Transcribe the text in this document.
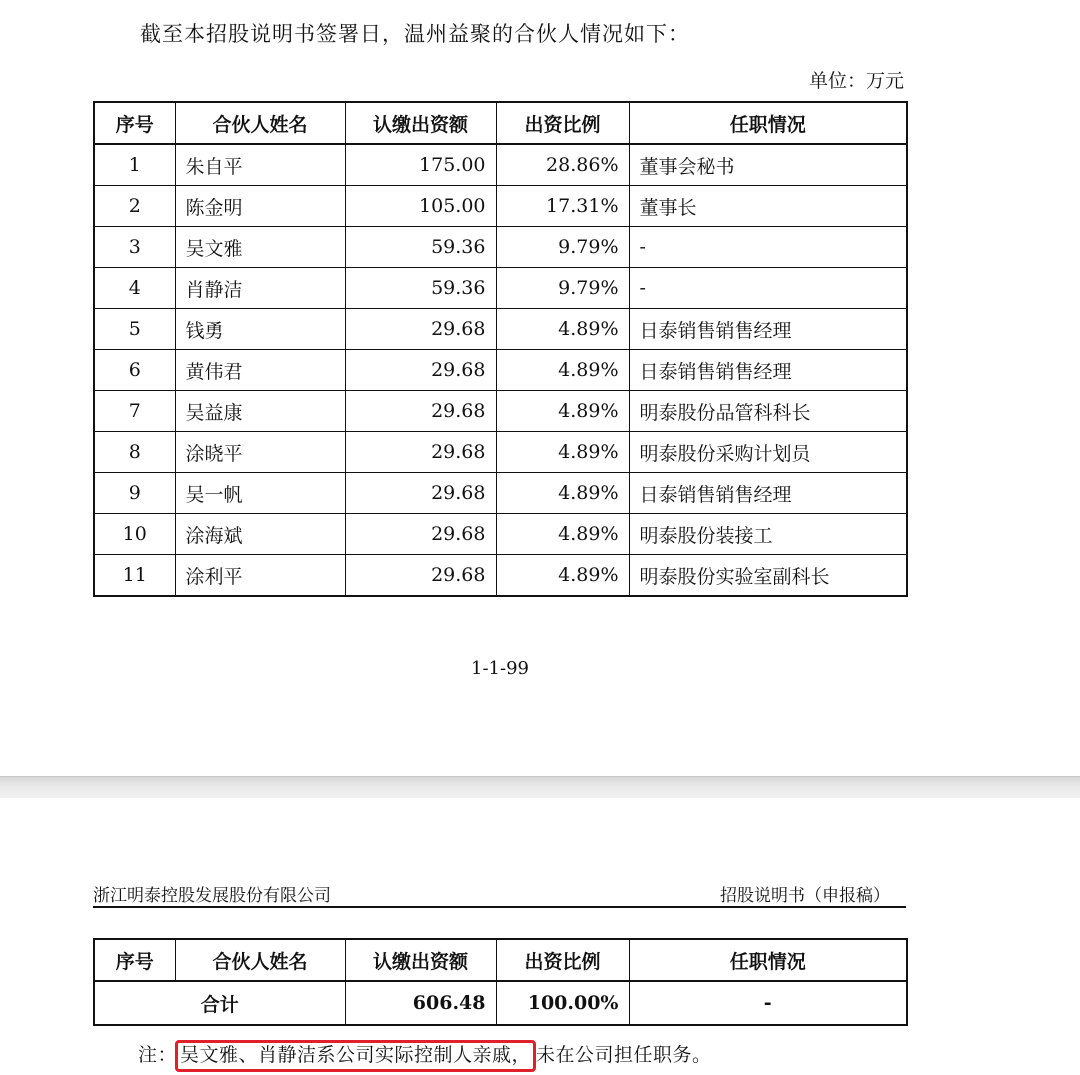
截至本招股说明书签署日，温州益聚的合伙人情况如下：
单位：万元
序号	合伙人姓名	认缴出资额	出资比例	任职情况
1	朱自平	175.00	28.86%	董事会秘书
2	陈金明	105.00	17.31%	董事长
3	吴文雅	59.36	9.79%	-
4	肖静洁	59.36	9.79%	-
5	钱勇	29.68	4.89%	日泰销售销售经理
6	黄伟君	29.68	4.89%	日泰销售销售经理
7	吴益康	29.68	4.89%	明泰股份品管科科长
8	涂晓平	29.68	4.89%	明泰股份采购计划员
9	吴一帆	29.68	4.89%	日泰销售销售经理
10	涂海斌	29.68	4.89%	明泰股份装接工
11	涂利平	29.68	4.89%	明泰股份实验室副科长
1-1-99
浙江明泰控股发展股份有限公司	招股说明书（申报稿）
序号	合伙人姓名	认缴出资额	出资比例	任职情况
合计		606.48	100.00%	-
注： 吴文雅、肖静洁系公司实际控制人亲戚， 未在公司担任职务。
